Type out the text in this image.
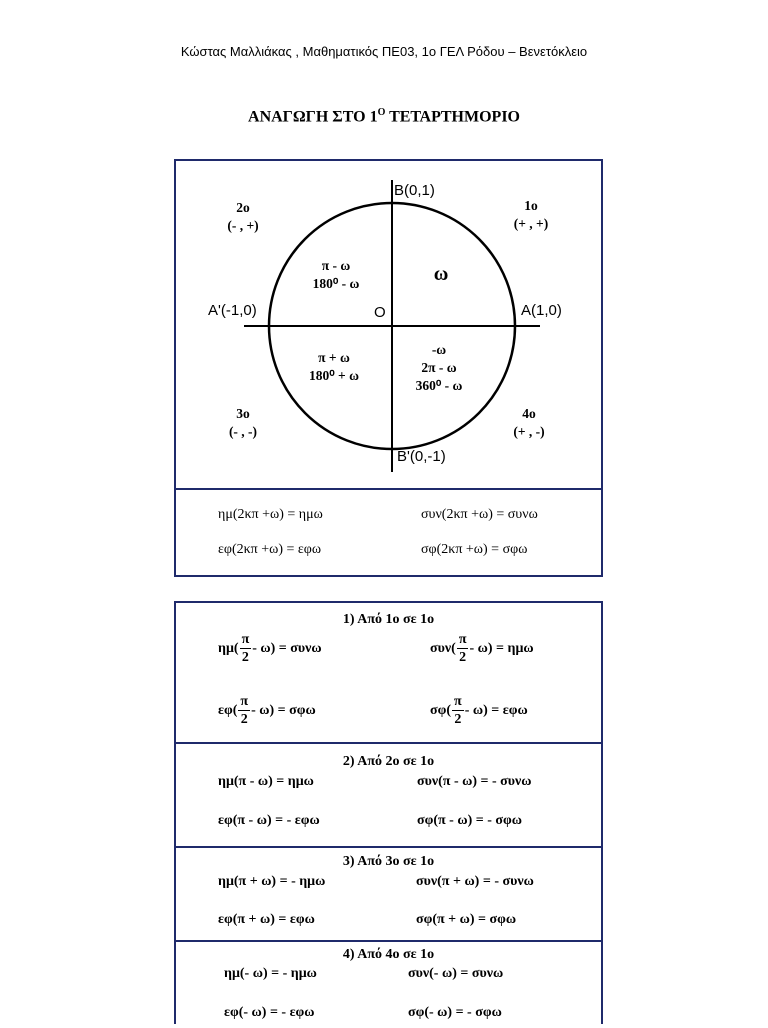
Κώστας Μαλλιάκας , Μαθηματικός ΠΕ03, 1ο ΓΕΛ Ρόδου – Βενετόκλειο
ΑΝΑΓΩΓΗ ΣΤΟ $1^O$ ΤΕΤΑΡΤΗΜΟΡΙΟ
B(0,1)
B'(0,-1)
A(1,0)
A'(-1,0)	O
1ο
(+ , +)
2ο
(- , +)
3ο
(- , -)
4ο
(+ , -)
ω
π - ω
180⁰ - ω
π + ω
180⁰ + ω
-ω
2π - ω
360⁰ - ω
ημ(2κπ +ω) = ημω	συν(2κπ +ω) = συνω
εφ(2κπ +ω) = εφω	σφ(2κπ +ω) = σφω
1) Από 1ο σε 1ο
$\eta\mu( \frac{\pi}{2} - \omega) = \sigma\upsilon\nu\omega$	$\sigma\upsilon\nu( \frac{\pi}{2} - \omega) = \eta\mu\omega$
$\varepsilon\varphi( \frac{\pi}{2} - \omega) = \sigma\varphi\omega$	$\sigma\varphi( \frac{\pi}{2} - \omega) = \varepsilon\varphi\omega$
2) Από 2ο σε 1ο
ημ(π - ω) = ημω	συν(π - ω) = - συνω
εφ(π - ω) = - εφω	σφ(π - ω) = - σφω
3) Από 3ο σε 1ο
ημ(π + ω) = - ημω	συν(π + ω) = - συνω
εφ(π + ω) = εφω	σφ(π + ω) = σφω
4) Από 4ο σε 1ο
ημ(- ω) = - ημω	συν(- ω) = συνω
εφ(- ω) = - εφω	σφ(- ω) = - σφω
